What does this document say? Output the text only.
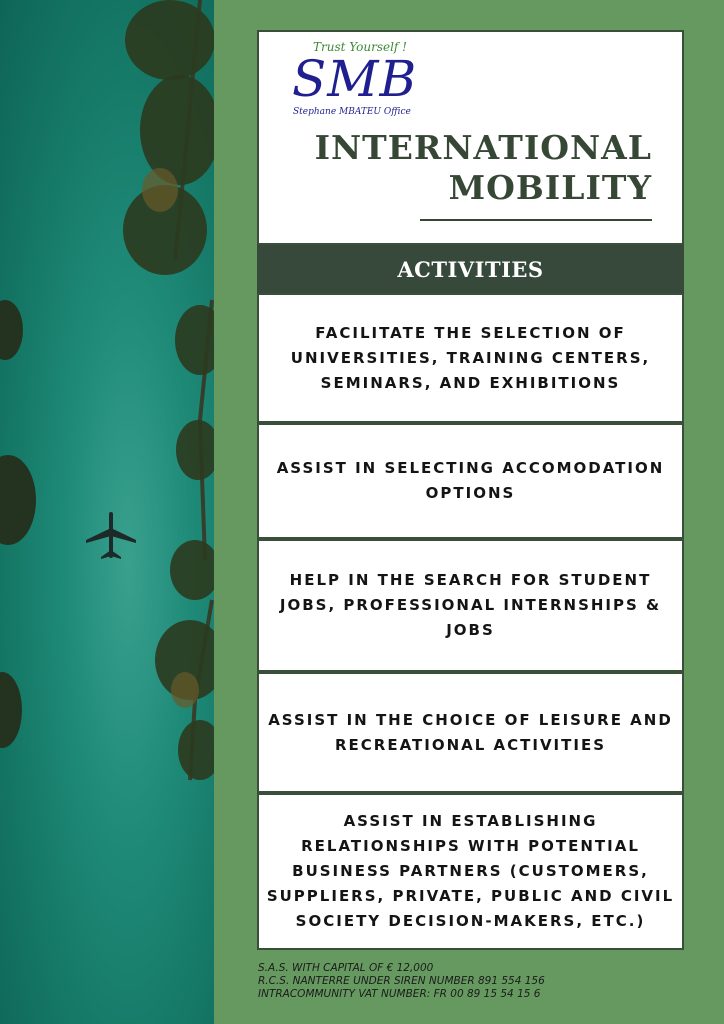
Trust Yourself !
SMB
Stephane MBATEU Office
INTERNATIONAL
MOBILITY
ACTIVITIES
FACILITATE THE SELECTION OF UNIVERSITIES, TRAINING CENTERS, SEMINARS, AND EXHIBITIONS
ASSIST IN SELECTING ACCOMODATION OPTIONS
HELP IN THE SEARCH FOR STUDENT JOBS, PROFESSIONAL INTERNSHIPS & JOBS
ASSIST IN THE CHOICE OF LEISURE AND RECREATIONAL ACTIVITIES
ASSIST IN ESTABLISHING RELATIONSHIPS WITH POTENTIAL BUSINESS PARTNERS (CUSTOMERS, SUPPLIERS, PRIVATE, PUBLIC AND CIVIL SOCIETY DECISION-MAKERS, ETC.)
S.A.S. WITH CAPITAL OF € 12,000
R.C.S. NANTERRE UNDER SIREN NUMBER 891 554 156
INTRACOMMUNITY VAT NUMBER: FR 00 89 15 54 15 6
